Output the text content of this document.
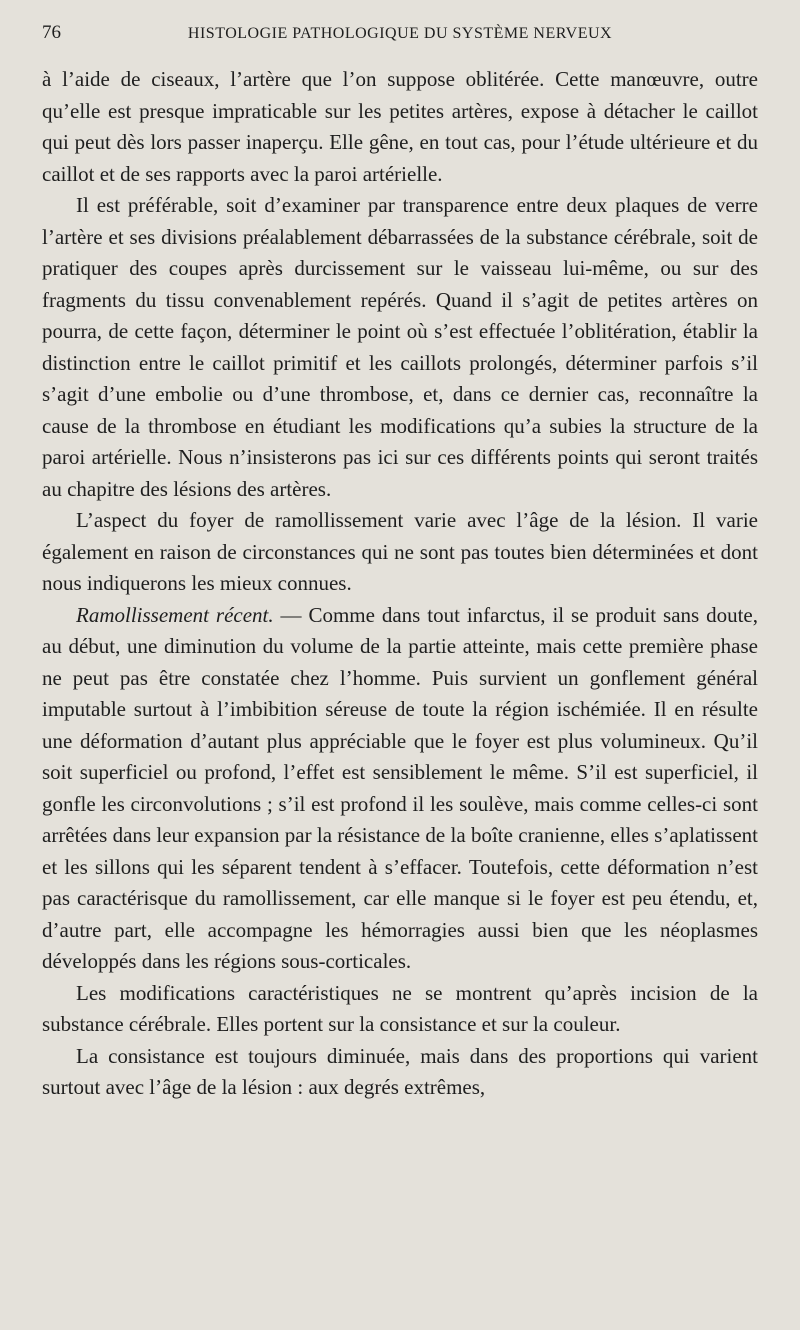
76	HISTOLOGIE PATHOLOGIQUE DU SYSTÈME NERVEUX

à l’aide de ciseaux, l’artère que l’on suppose oblitérée. Cette manœuvre, outre qu’elle est presque impraticable sur les petites artères, expose à détacher le caillot qui peut dès lors passer inaperçu. Elle gêne, en tout cas, pour l’étude ultérieure et du caillot et de ses rapports avec la paroi artérielle.

Il est préférable, soit d’examiner par transparence entre deux plaques de verre l’artère et ses divisions préalablement débarrassées de la substance cérébrale, soit de pratiquer des coupes après durcissement sur le vaisseau lui-même, ou sur des fragments du tissu convenablement repérés. Quand il s’agit de petites artères on pourra, de cette façon, déterminer le point où s’est effectuée l’oblitération, établir la distinction entre le caillot primitif et les caillots prolongés, déterminer parfois s’il s’agit d’une embolie ou d’une thrombose, et, dans ce dernier cas, reconnaître la cause de la thrombose en étudiant les modifications qu’a subies la structure de la paroi artérielle. Nous n’insisterons pas ici sur ces différents points qui seront traités au chapitre des lésions des artères.

L’aspect du foyer de ramollissement varie avec l’âge de la lésion. Il varie également en raison de circonstances qui ne sont pas toutes bien déterminées et dont nous indiquerons les mieux connues.

Ramollissement récent. — Comme dans tout infarctus, il se produit sans doute, au début, une diminution du volume de la partie atteinte, mais cette première phase ne peut pas être constatée chez l’homme. Puis survient un gonflement général imputable surtout à l’imbibition séreuse de toute la région ischémiée. Il en résulte une déformation d’autant plus appréciable que le foyer est plus volumineux. Qu’il soit superficiel ou profond, l’effet est sensiblement le même. S’il est superficiel, il gonfle les circonvolutions ; s’il est profond il les soulève, mais comme celles-ci sont arrêtées dans leur expansion par la résistance de la boîte cranienne, elles s’aplatissent et les sillons qui les séparent tendent à s’effacer. Toutefois, cette déformation n’est pas caractérisque du ramollissement, car elle manque si le foyer est peu étendu, et, d’autre part, elle accompagne les hémorragies aussi bien que les néoplasmes développés dans les régions sous-corticales.

Les modifications caractéristiques ne se montrent qu’après incision de la substance cérébrale. Elles portent sur la consistance et sur la couleur.

La consistance est toujours diminuée, mais dans des proportions qui varient surtout avec l’âge de la lésion : aux degrés extrêmes,
